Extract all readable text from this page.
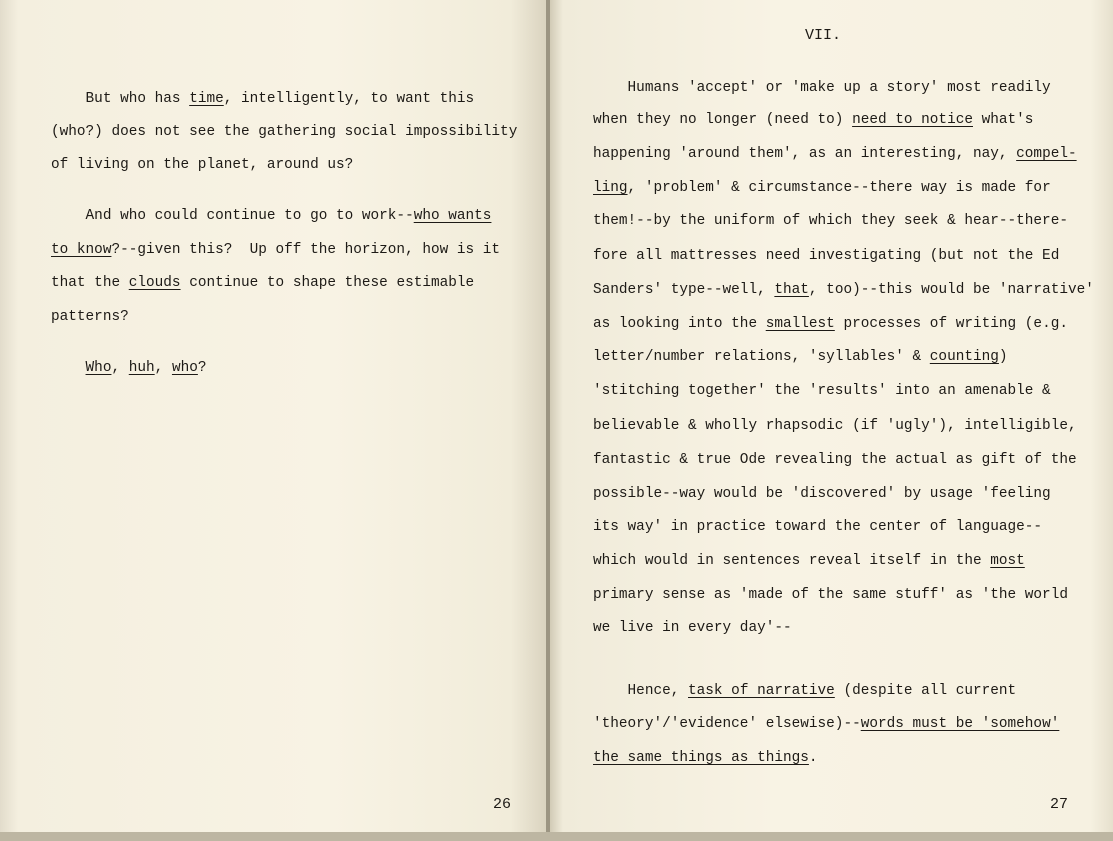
VII.
26	27
But who has time, intelligently, to want this
(who?) does not see the gathering social impossibility
of living on the planet, around us?
And who could continue to go to work--who wants
to know?--given this?  Up off the horizon, how is it
that the clouds continue to shape these estimable
patterns?
Who, huh, who?
Humans 'accept' or 'make up a story' most readily
when they no longer (need to) need to notice what's
happening 'around them', as an interesting, nay, compel-
ling, 'problem' & circumstance--there way is made for
them!--by the uniform of which they seek & hear--there-
fore all mattresses need investigating (but not the Ed
Sanders' type--well, that, too)--this would be 'narrative'
as looking into the smallest processes of writing (e.g.
letter/number relations, 'syllables' & counting)
'stitching together' the 'results' into an amenable &
believable & wholly rhapsodic (if 'ugly'), intelligible,
fantastic & true Ode revealing the actual as gift of the
possible--way would be 'discovered' by usage 'feeling
its way' in practice toward the center of language--
which would in sentences reveal itself in the most
primary sense as 'made of the same stuff' as 'the world
we live in every day'--
Hence, task of narrative (despite all current
'theory'/'evidence' elsewise)--words must be 'somehow'
the same things as things.
